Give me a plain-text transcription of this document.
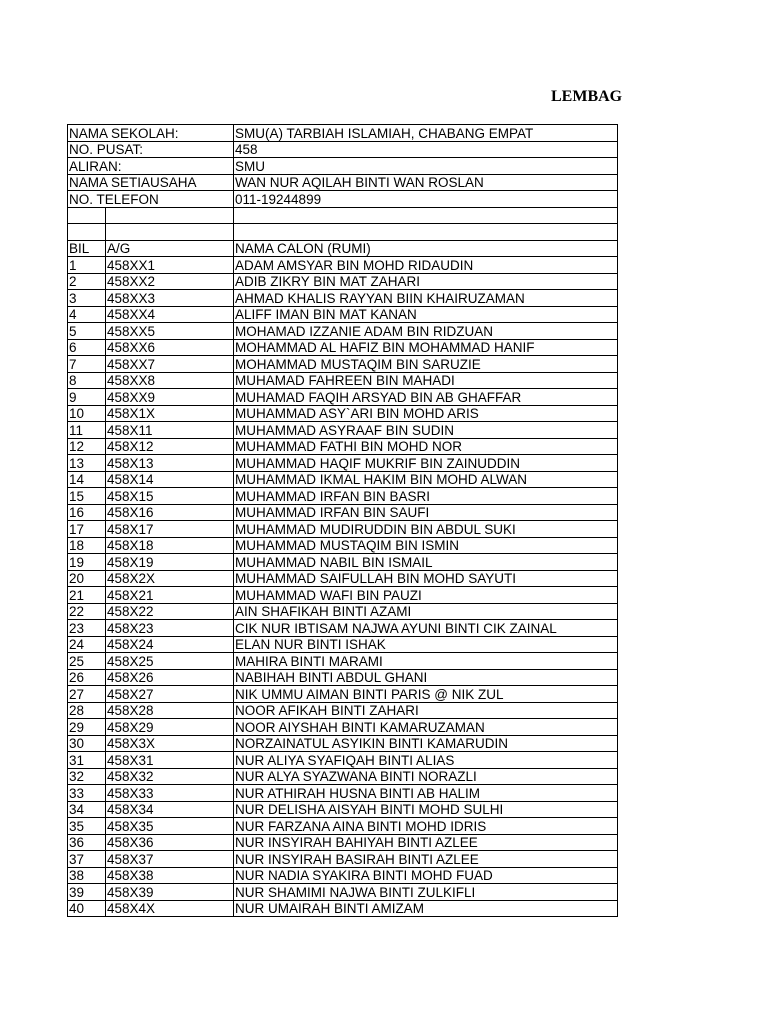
LEMBAG
NAMA SEKOLAH:		SMU(A) TARBIAH ISLAMIAH, CHABANG EMPAT
NO. PUSAT:		458
ALIRAN:		SMU
NAMA SETIAUSAHA		WAN NUR AQILAH BINTI WAN ROSLAN
NO. TELEFON		011-19244899

BIL	A/G	NAMA CALON (RUMI)
1	458XX1	ADAM AMSYAR BIN MOHD RIDAUDIN
2	458XX2	ADIB ZIKRY BIN MAT ZAHARI
3	458XX3	AHMAD KHALIS RAYYAN BIIN KHAIRUZAMAN
4	458XX4	ALIFF IMAN BIN MAT KANAN
5	458XX5	MOHAMAD IZZANIE ADAM BIN RIDZUAN
6	458XX6	MOHAMMAD AL HAFIZ BIN MOHAMMAD HANIF
7	458XX7	MOHAMMAD MUSTAQIM BIN SARUZIE
8	458XX8	MUHAMAD FAHREEN BIN MAHADI
9	458XX9	MUHAMAD FAQIH ARSYAD BIN AB GHAFFAR
10	458X1X	MUHAMMAD ASY`ARI BIN MOHD ARIS
11	458X11	MUHAMMAD ASYRAAF BIN SUDIN
12	458X12	MUHAMMAD FATHI BIN MOHD NOR
13	458X13	MUHAMMAD HAQIF MUKRIF BIN ZAINUDDIN
14	458X14	MUHAMMAD IKMAL HAKIM BIN MOHD ALWAN
15	458X15	MUHAMMAD IRFAN BIN BASRI
16	458X16	MUHAMMAD IRFAN BIN SAUFI
17	458X17	MUHAMMAD MUDIRUDDIN BIN ABDUL SUKI
18	458X18	MUHAMMAD MUSTAQIM BIN ISMIN
19	458X19	MUHAMMAD NABIL BIN ISMAIL
20	458X2X	MUHAMMAD SAIFULLAH BIN MOHD SAYUTI
21	458X21	MUHAMMAD WAFI BIN PAUZI
22	458X22	AIN SHAFIKAH BINTI AZAMI
23	458X23	CIK NUR IBTISAM NAJWA AYUNI BINTI CIK ZAINAL
24	458X24	ELAN NUR BINTI ISHAK
25	458X25	MAHIRA BINTI MARAMI
26	458X26	NABIHAH BINTI ABDUL GHANI
27	458X27	NIK UMMU AIMAN BINTI PARIS @ NIK ZUL
28	458X28	NOOR AFIKAH BINTI ZAHARI
29	458X29	NOOR AIYSHAH BINTI KAMARUZAMAN
30	458X3X	NORZAINATUL ASYIKIN BINTI KAMARUDIN
31	458X31	NUR ALIYA SYAFIQAH BINTI ALIAS
32	458X32	NUR ALYA SYAZWANA BINTI NORAZLI
33	458X33	NUR ATHIRAH HUSNA BINTI AB HALIM
34	458X34	NUR DELISHA AISYAH BINTI MOHD SULHI
35	458X35	NUR FARZANA AINA BINTI MOHD IDRIS
36	458X36	NUR INSYIRAH BAHIYAH BINTI AZLEE
37	458X37	NUR INSYIRAH BASIRAH BINTI AZLEE
38	458X38	NUR NADIA SYAKIRA BINTI MOHD FUAD
39	458X39	NUR SHAMIMI NAJWA BINTI ZULKIFLI
40	458X4X	NUR UMAIRAH BINTI AMIZAM
